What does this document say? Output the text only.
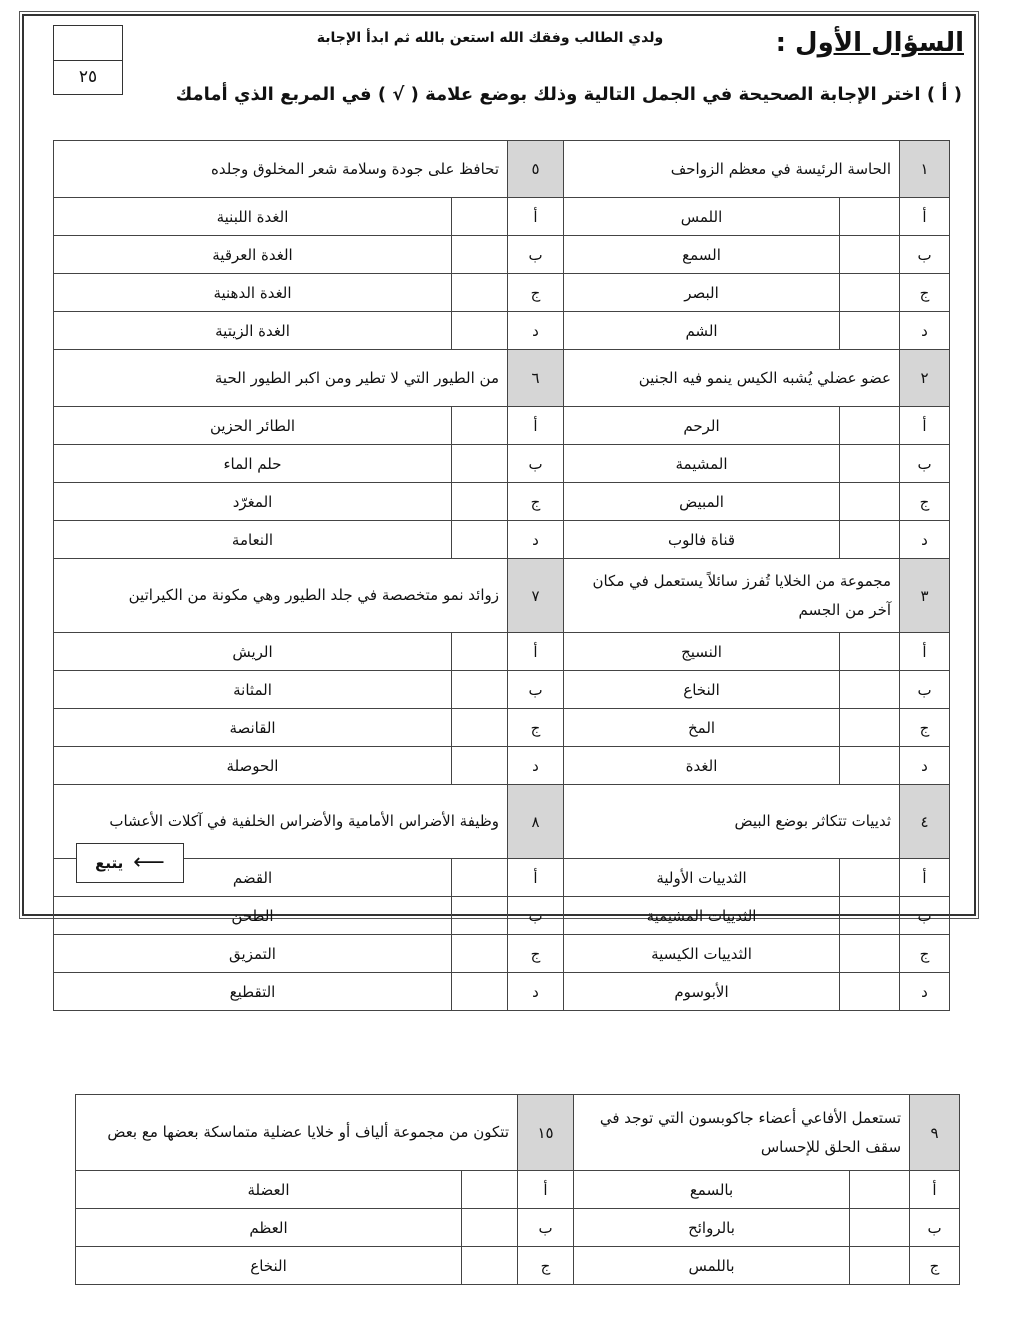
٢٥
السؤال الأول :
ولدي الطالب وفقك الله استعن بالله ثم ابدأ الإجابة
( أ ) اختر الإجابة الصحيحة في الجمل التالية وذلك بوضع علامة ( √ ) في المربع الذي أمامك
١	الحاسة الرئيسة في معظم الزواحف		٥	تحافظ على جودة وسلامة شعر المخلوق وجلده	
أ		اللمس	أ		الغدة اللبنية
ب		السمع	ب		الغدة العرقية
ج		البصر	ج		الغدة الدهنية
د		الشم	د		الغدة الزيتية
٢	عضو عضلي يُشبه الكيس ينمو فيه الجنين		٦	من الطيور التي لا تطير ومن اكبر الطيور الحية	
أ		الرحم	أ		الطائر الحزين
ب		المشيمة	ب		حلم الماء
ج		المبيض	ج		المغرّد
د		قناة فالوب	د		النعامة
٣	مجموعة من الخلايا تُفرز سائلاً يستعمل في مكان آخر من الجسم		٧	زوائد نمو متخصصة في جلد الطيور وهي مكونة من الكيراتين	
أ		النسيج	أ		الريش
ب		النخاع	ب		المثانة
ج		المخ	ج		القانصة
د		الغدة	د		الحوصلة
٤	ثدييات تتكاثر بوضع البيض		٨	وظيفة الأضراس الأمامية والأضراس الخلفية في آكلات الأعشاب	
أ		الثدييات الأولية	أ		القضم
ب		الثدييات المشيمية	ب		الطحن
ج		الثدييات الكيسية	ج		التمزيق
د		الأبوسوم	د		التقطيع
٩	تستعمل الأفاعي أعضاء جاكوبسون التي توجد في سقف الحلق للإحساس		١٥	تتكون من مجموعة ألياف أو خلايا عضلية متماسكة بعضها مع بعض	
أ		بالسمع	أ		العضلة
ب		بالروائح	ب		العظم
ج		باللمس	ج		النخاع
يتبع ⟵
